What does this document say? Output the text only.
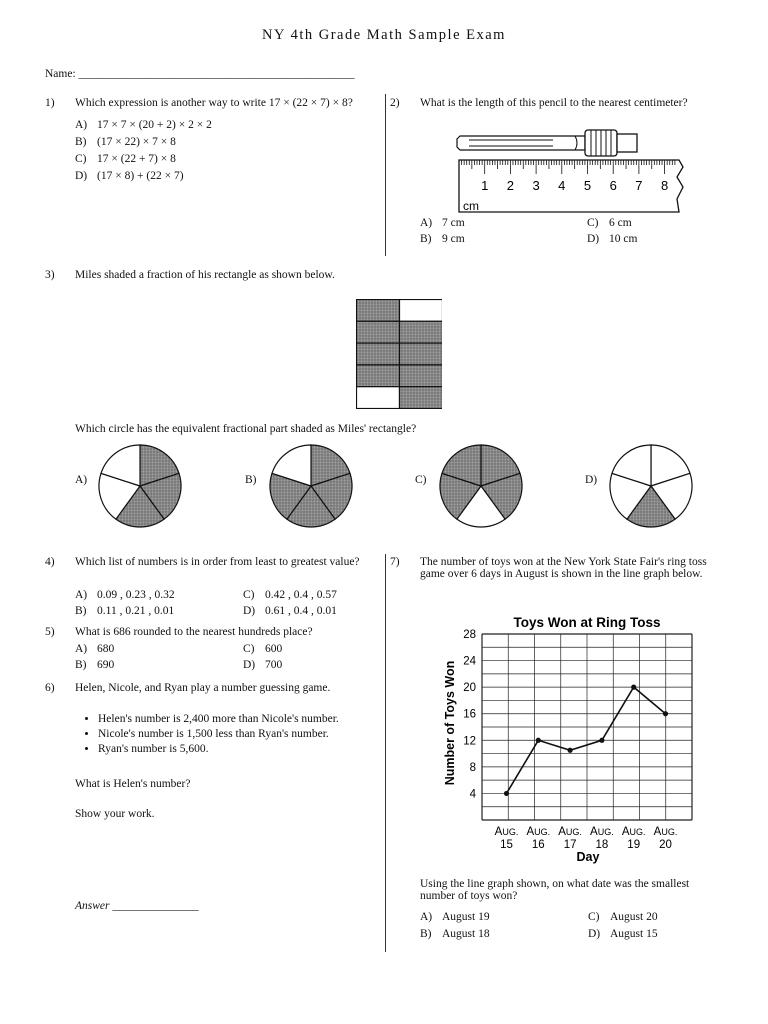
NY 4th Grade Math Sample Exam
Name: ________________________________________________
1) Which expression is another way to write 17 × (22 × 7) × 8?
A) 17 × 7 × (20 + 2) × 2 × 2
B) (17 × 22) × 7 × 8
C) 17 × (22 + 7) × 8
D) (17 × 8) + (22 × 7)
2) What is the length of this pencil to the nearest centimeter?
1 2 3 4 5 6 7 8
cm
A) 7 cm	C) 6 cm
B) 9 cm	D) 10 cm
3) Miles shaded a fraction of his rectangle as shown below.
Which circle has the equivalent fractional part shaded as Miles' rectangle?
A)	B)	C)	D)
4) Which list of numbers is in order from least to greatest value?
A) 0.09 , 0.23 , 0.32	C) 0.42 , 0.4 , 0.57
B) 0.11 , 0.21 , 0.01	D) 0.61 , 0.4 , 0.01
5) What is 686 rounded to the nearest hundreds place?
A) 680	C) 600
B) 690	D) 700
6) Helen, Nicole, and Ryan play a number guessing game.
• Helen's number is 2,400 more than Nicole's number.
• Nicole's number is 1,500 less than Ryan's number.
• Ryan's number is 5,600.
What is Helen's number?
Show your work.
Answer _______________
7) The number of toys won at the New York State Fair's ring toss game over 6 days in August is shown in the line graph below.
Toys Won at Ring Toss
4
8
12
16
20
24
28
AUG.
15
AUG.
16
AUG.
17
AUG.
18
AUG.
19
AUG.
20
Day
Number of Toys Won
Using the line graph shown, on what date was the smallest number of toys won?
A) August 19	C) August 20
B) August 18	D) August 15
